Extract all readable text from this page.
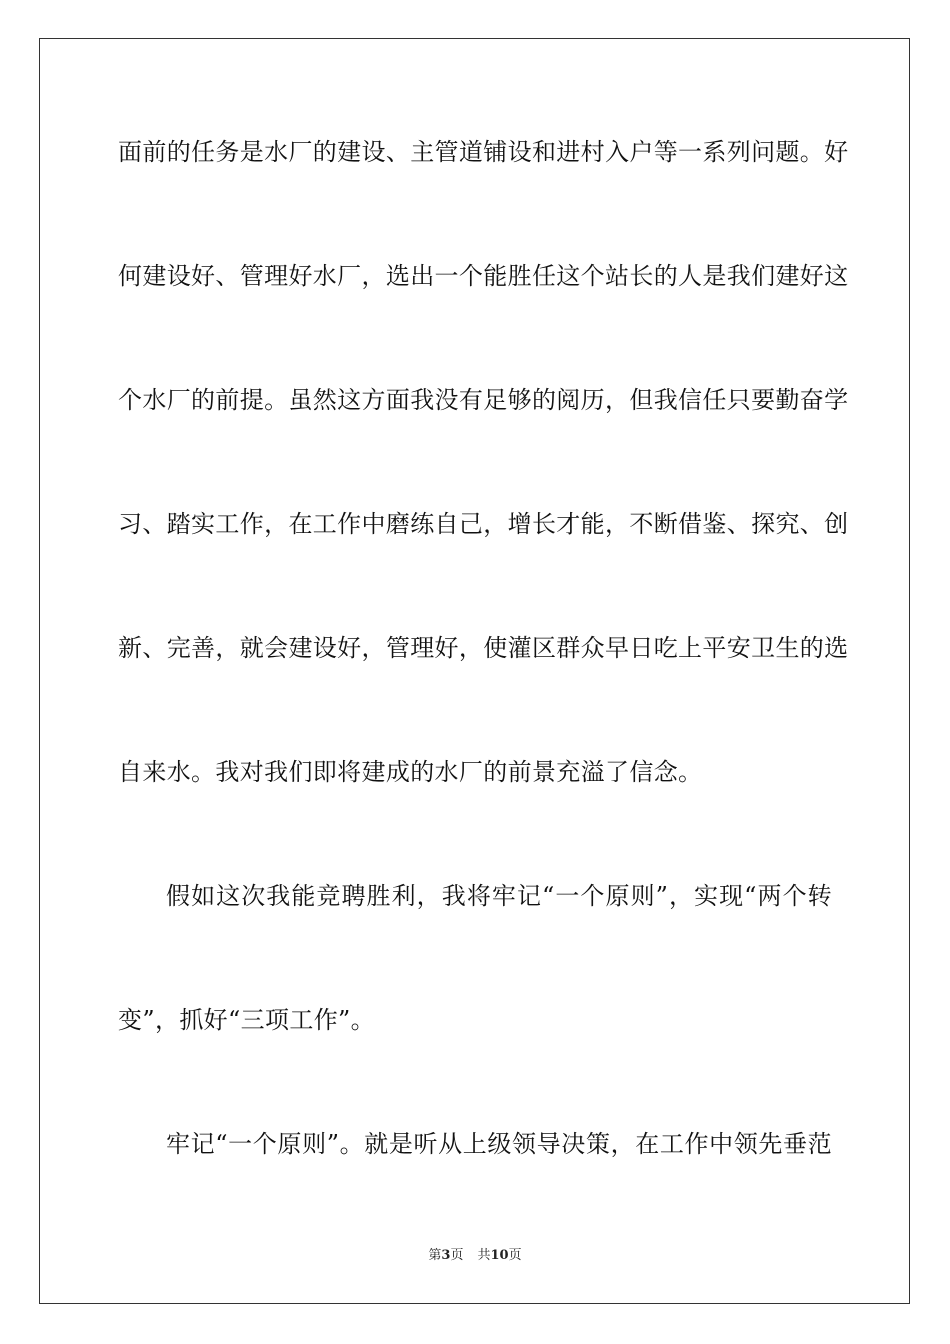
面前的任务是水厂的建设、主管道铺设和进村入户等一系列问题。好
何建设好、管理好水厂，选出一个能胜任这个站长的人是我们建好这
个水厂的前提。虽然这方面我没有足够的阅历，但我信任只要勤奋学
习、踏实工作，在工作中磨练自己，增长才能，不断借鉴、探究、创
新、完善，就会建设好，管理好，使灌区群众早日吃上平安卫生的选
自来水。我对我们即将建成的水厂的前景充溢了信念。
假如这次我能竞聘胜利，我将牢记“一个原则”，实现“两个转
变”，抓好“三项工作”。
牢记“一个原则”。就是听从上级领导决策，在工作中领先垂范
第3页 共10页
